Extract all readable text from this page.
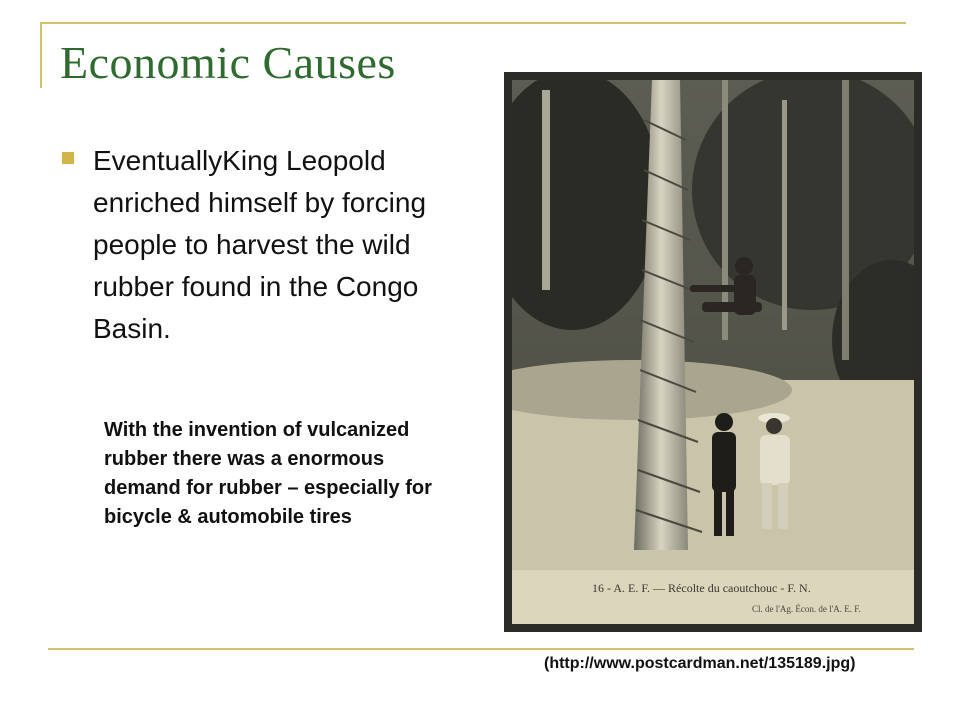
Economic Causes

EventuallyKing Leopold enriched himself by forcing people to harvest the wild rubber found in the Congo Basin.

With the invention of vulcanized rubber there was a enormous demand for rubber – especially for bicycle & automobile tires

16 - A. E. F. — Récolte du caoutchouc - F. N.
Cl. de l'Ag. Écon. de l'A. E. F.

(http://www.postcardman.net/135189.jpg)
